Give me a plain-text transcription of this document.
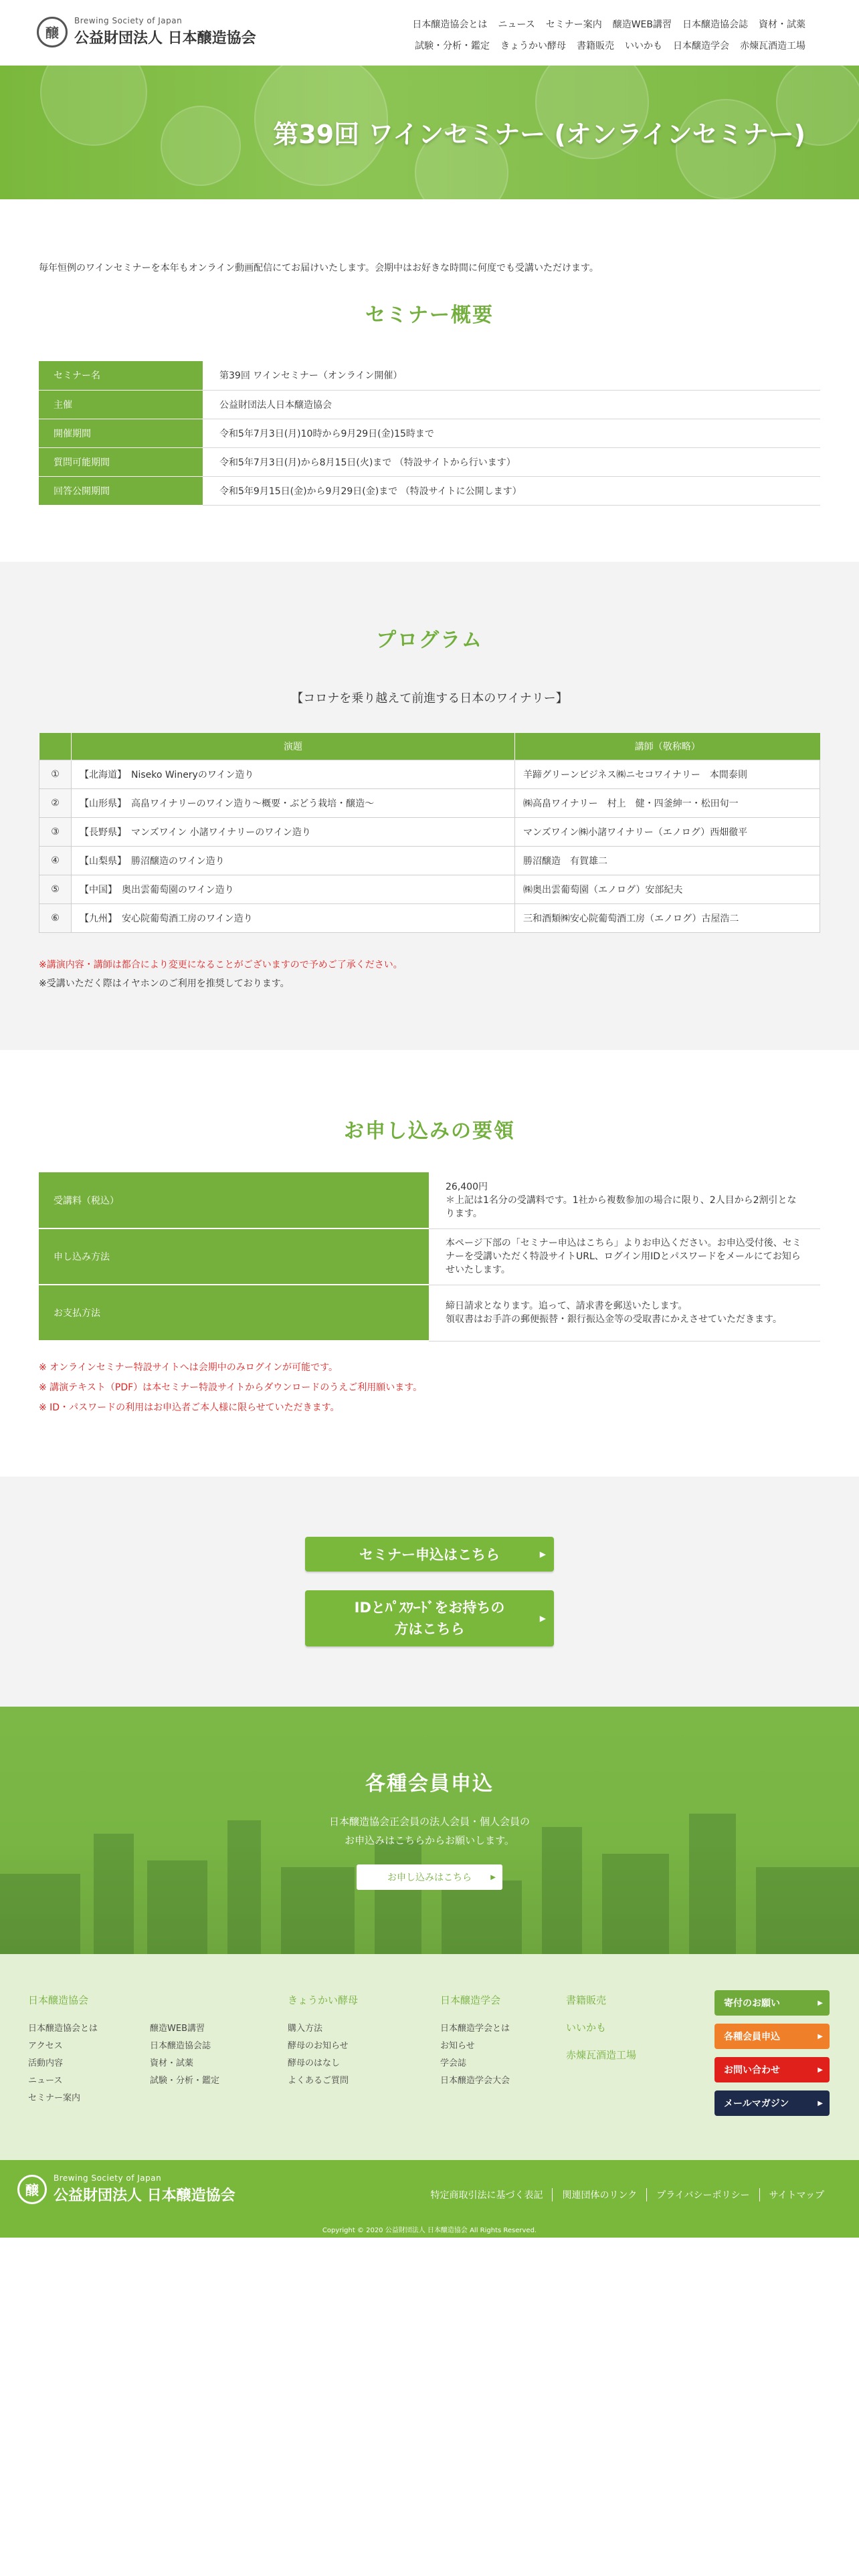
醸
Brewing Society of Japan
公益財団法人 日本醸造協会
日本醸造協会とは ニュース セミナー案内 醸造WEB講習 日本醸造協会誌 資材・試薬
試験・分析・鑑定 きょうかい酵母 書籍販売 いいかも 日本醸造学会 赤煉瓦酒造工場
第39回 ワインセミナー (オンラインセミナー)
毎年恒例のワインセミナーを本年もオンライン動画配信にてお届けいたします。会期中はお好きな時間に何度でも受講いただけます。
セミナー概要
セミナー名	第39回 ワインセミナー（オンライン開催）
主催	公益財団法人日本醸造協会
開催期間	令和5年7月3日(月)10時から9月29日(金)15時まで
質問可能期間	令和5年7月3日(月)から8月15日(火)まで （特設サイトから行います）
回答公開期間	令和5年9月15日(金)から9月29日(金)まで （特設サイトに公開します）
プログラム
【コロナを乗り越えて前進する日本のワイナリー】
	演題	講師（敬称略）
①	【北海道】　Niseko Wineryのワイン造り	羊蹄グリーンビジネス㈱ニセコワイナリー　本間泰則
②	【山形県】　高畠ワイナリーのワイン造り〜概要・ぶどう栽培・醸造〜	㈱高畠ワイナリー　村上　健・四釜紳一・松田旬一
③	【長野県】　マンズワイン 小諸ワイナリーのワイン造り	マンズワイン㈱小諸ワイナリー（エノログ）西畑徹平
④	【山梨県】　勝沼醸造のワイン造り	勝沼醸造　有賀雄二
⑤	【中国】　奥出雲葡萄園のワイン造り	㈱奥出雲葡萄園（エノログ）安部紀夫
⑥	【九州】　安心院葡萄酒工房のワイン造り	三和酒類㈱安心院葡萄酒工房（エノログ）古屋浩二
※講演内容・講師は都合により変更になることがございますので予めご了承ください。
※受講いただく際はイヤホンのご利用を推奨しております。
お申し込みの要領
受講料（税込）	26,400円
＊上記は1名分の受講料です。1社から複数参加の場合に限り、2人目から2割引となります。
申し込み方法	本ページ下部の「セミナー申込はこちら」よりお申込ください。お申込受付後、セミナーを受講いただく特設サイトURL、ログイン用IDとパスワードをメールにてお知らせいたします。
お支払方法	締日請求となります。追って、請求書を郵送いたします。
領収書はお手許の郵便振替・銀行振込金等の受取書にかえさせていただきます。
※ オンラインセミナー特設サイトへは会期中のみログインが可能です。
※ 講演テキスト（PDF）は本セミナー特設サイトからダウンロードのうえご利用願います。
※ ID・パスワードの利用はお申込者ご本人様に限らせていただきます。
セミナー申込はこちら	▶
IDとﾊﾟｽﾜｰﾄﾞをお持ちの
方はこちら
▶
各種会員申込
日本醸造協会正会員の法人会員・個人会員の
お申込みはこちらからお願いします。
お申し込みはこちら	▶
日本醸造協会
日本醸造協会とは
アクセス
活動内容
ニュース
セミナー案内
醸造WEB講習
日本醸造協会誌
資材・試薬
試験・分析・鑑定
きょうかい酵母
購入方法
酵母のお知らせ
酵母のはなし
よくあるご質問
日本醸造学会
日本醸造学会とは
お知らせ
学会誌
日本醸造学会大会
書籍販売
いいかも
赤煉瓦酒造工場
寄付のお願い	▶
各種会員申込	▶
お問い合わせ	▶
メールマガジン	▶
醸
Brewing Society of Japan
公益財団法人 日本醸造協会	特定商取引法に基づく表記	関連団体のリンク	プライバシーポリシー	サイトマップ
Copyright © 2020 公益財団法人 日本醸造協会 All Rights Reserved.
